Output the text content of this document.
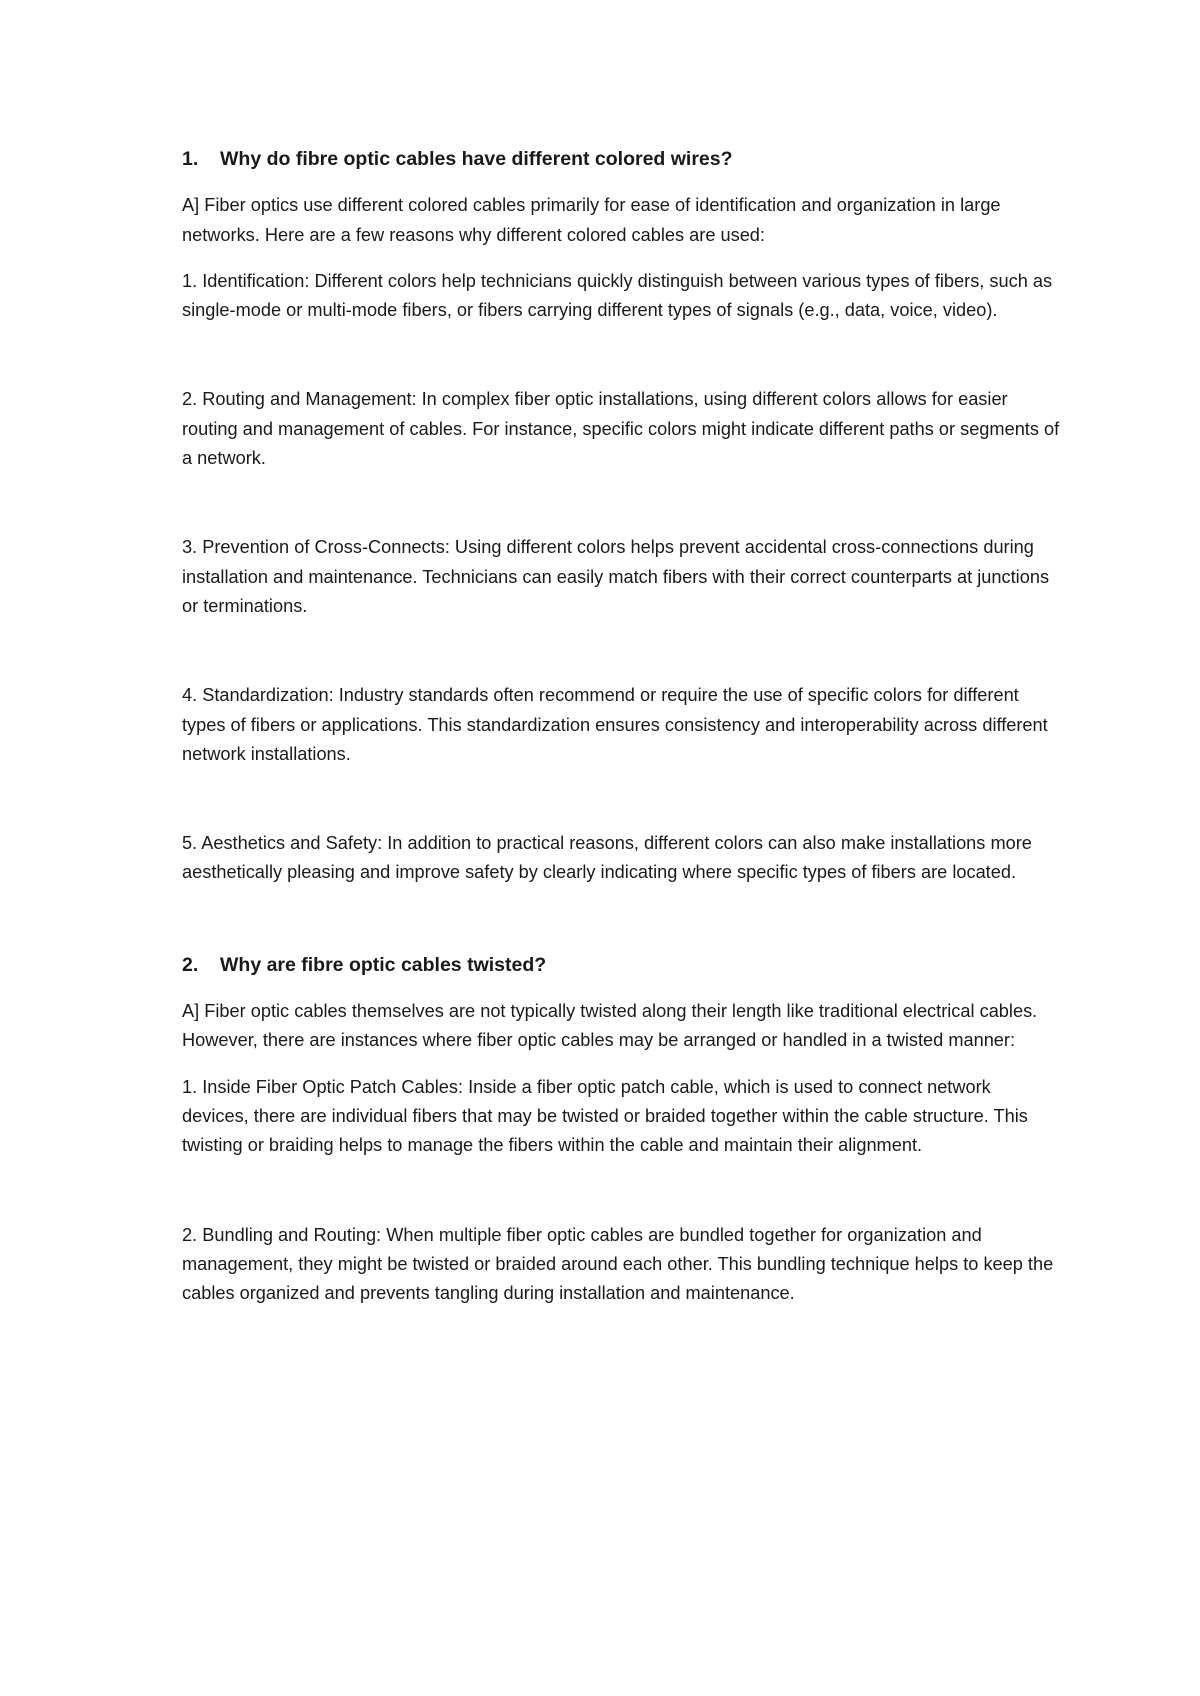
1.	Why do fibre optic cables have different colored wires?

A] Fiber optics use different colored cables primarily for ease of identification and organization in large networks. Here are a few reasons why different colored cables are used:

1. Identification: Different colors help technicians quickly distinguish between various types of fibers, such as single-mode or multi-mode fibers, or fibers carrying different types of signals (e.g., data, voice, video).

2. Routing and Management: In complex fiber optic installations, using different colors allows for easier routing and management of cables. For instance, specific colors might indicate different paths or segments of a network.

3. Prevention of Cross-Connects: Using different colors helps prevent accidental cross-connections during installation and maintenance. Technicians can easily match fibers with their correct counterparts at junctions or terminations.

4. Standardization: Industry standards often recommend or require the use of specific colors for different types of fibers or applications. This standardization ensures consistency and interoperability across different network installations.

5. Aesthetics and Safety: In addition to practical reasons, different colors can also make installations more aesthetically pleasing and improve safety by clearly indicating where specific types of fibers are located.

2.	Why are fibre optic cables twisted?

A] Fiber optic cables themselves are not typically twisted along their length like traditional electrical cables. However, there are instances where fiber optic cables may be arranged or handled in a twisted manner:

1. Inside Fiber Optic Patch Cables: Inside a fiber optic patch cable, which is used to connect network devices, there are individual fibers that may be twisted or braided together within the cable structure. This twisting or braiding helps to manage the fibers within the cable and maintain their alignment.

2. Bundling and Routing: When multiple fiber optic cables are bundled together for organization and management, they might be twisted or braided around each other. This bundling technique helps to keep the cables organized and prevents tangling during installation and maintenance.
